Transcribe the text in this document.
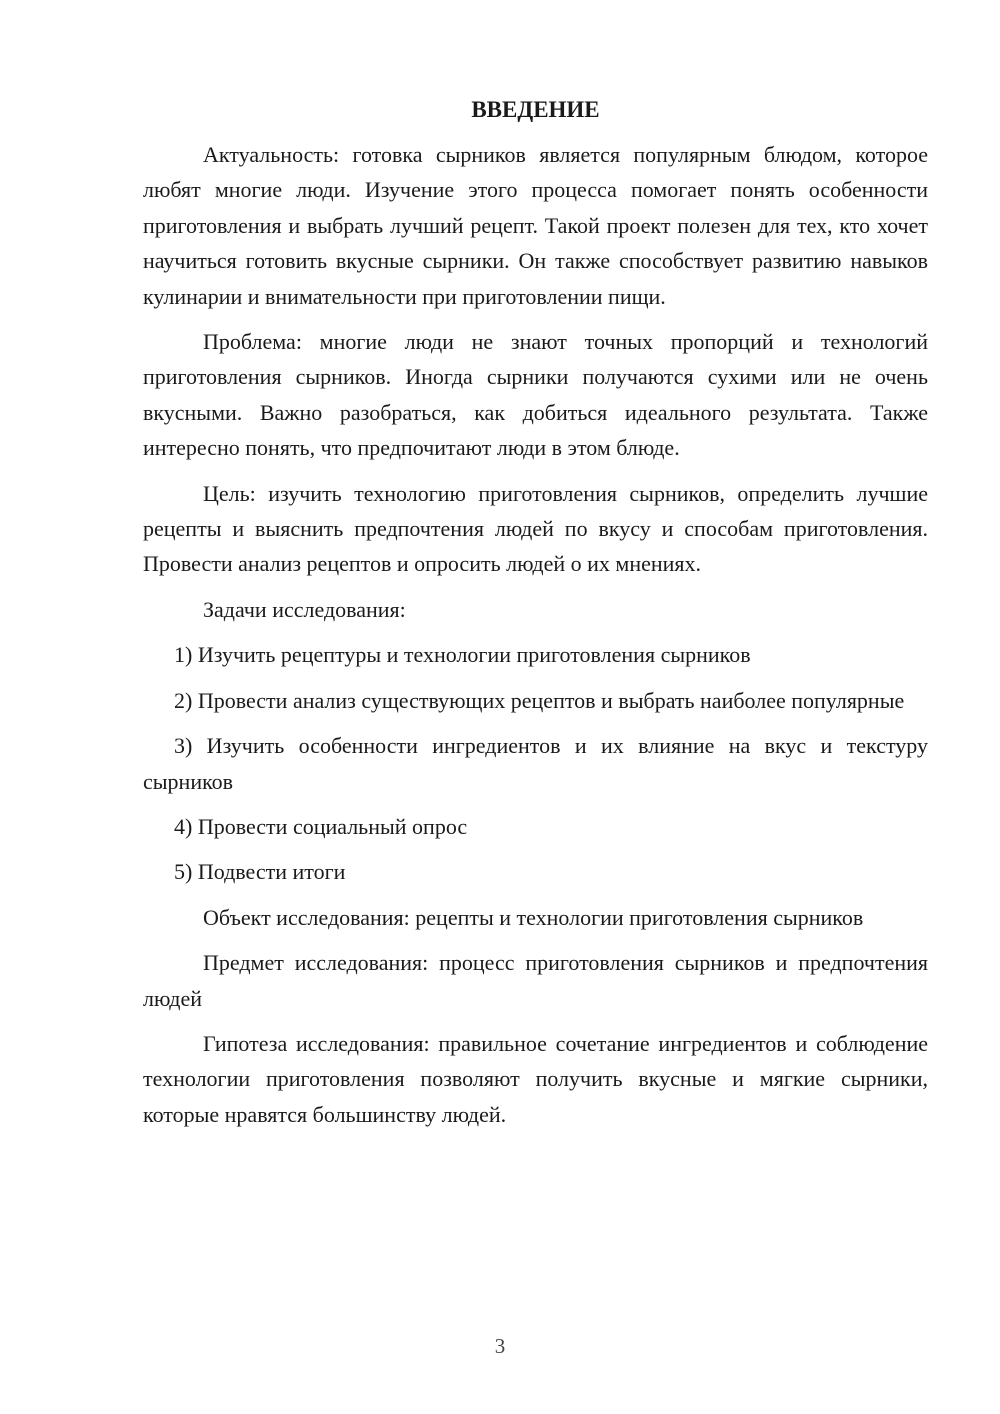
ВВЕДЕНИЕ

Актуальность: готовка сырников является популярным блюдом, которое любят многие люди. Изучение этого процесса помогает понять особенности приготовления и выбрать лучший рецепт. Такой проект полезен для тех, кто хочет научиться готовить вкусные сырники. Он также способствует развитию навыков кулинарии и внимательности при приготовлении пищи.

Проблема: многие люди не знают точных пропорций и технологий приготовления сырников. Иногда сырники получаются сухими или не очень вкусными. Важно разобраться, как добиться идеального результата. Также интересно понять, что предпочитают люди в этом блюде.

Цель: изучить технологию приготовления сырников, определить лучшие рецепты и выяснить предпочтения людей по вкусу и способам приготовления. Провести анализ рецептов и опросить людей о их мнениях.

Задачи исследования:

1) Изучить рецептуры и технологии приготовления сырников

2) Провести анализ существующих рецептов и выбрать наиболее популярные

3) Изучить особенности ингредиентов и их влияние на вкус и текстуру сырников

4) Провести социальный опрос

5) Подвести итоги

Объект исследования: рецепты и технологии приготовления сырников

Предмет исследования: процесс приготовления сырников и предпочтения людей

Гипотеза исследования: правильное сочетание ингредиентов и соблюдение технологии приготовления позволяют получить вкусные и мягкие сырники, которые нравятся большинству людей.

3
